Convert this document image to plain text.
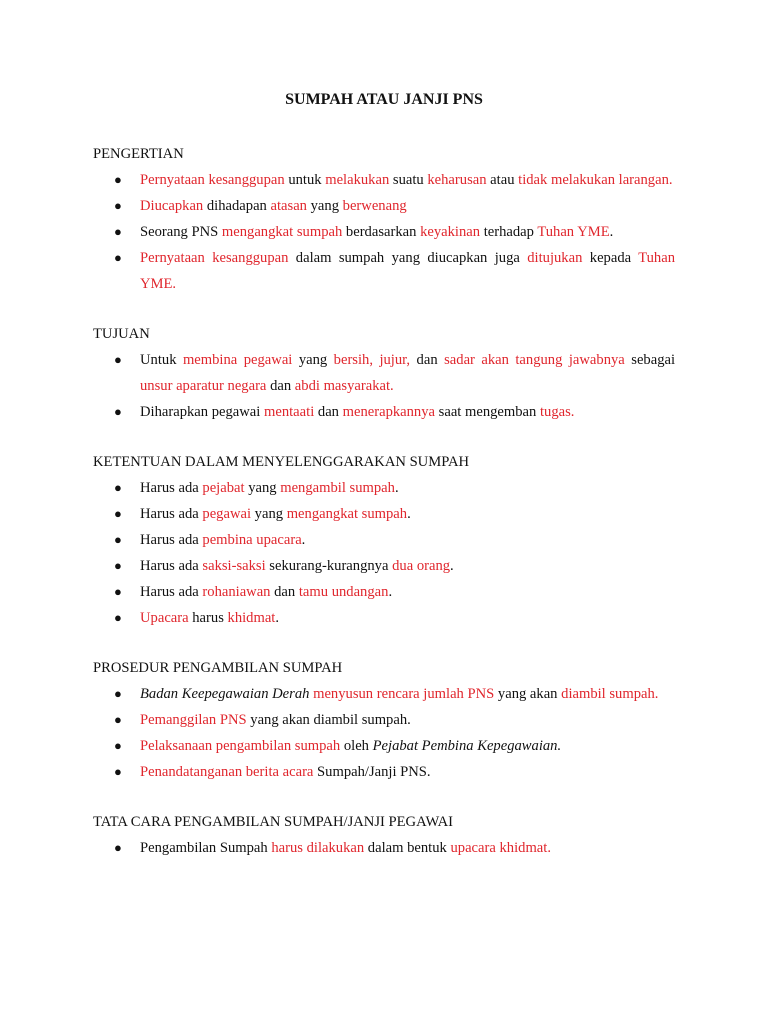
SUMPAH ATAU JANJI PNS

PENGERTIAN

● Pernyataan kesanggupan untuk melakukan suatu keharusan atau tidak melakukan larangan.
● Diucapkan dihadapan atasan yang berwenang
● Seorang PNS mengangkat sumpah berdasarkan keyakinan terhadap Tuhan YME.
● Pernyataan kesanggupan dalam sumpah yang diucapkan juga ditujukan kepada Tuhan YME.

TUJUAN

● Untuk membina pegawai yang bersih, jujur, dan sadar akan tangung jawabnya sebagai unsur aparatur negara dan abdi masyarakat.
● Diharapkan pegawai mentaati dan menerapkannya saat mengemban tugas.

KETENTUAN DALAM MENYELENGGARAKAN SUMPAH

● Harus ada pejabat yang mengambil sumpah.
● Harus ada pegawai yang mengangkat sumpah.
● Harus ada pembina upacara.
● Harus ada saksi-saksi sekurang-kurangnya dua orang.
● Harus ada rohaniawan dan tamu undangan.
● Upacara harus khidmat.

PROSEDUR PENGAMBILAN SUMPAH

● Badan Keepegawaian Derah menyusun rencara jumlah PNS yang akan diambil sumpah.
● Pemanggilan PNS yang akan diambil sumpah.
● Pelaksanaan pengambilan sumpah oleh Pejabat Pembina Kepegawaian.
● Penandatanganan berita acara Sumpah/Janji PNS.

TATA CARA PENGAMBILAN SUMPAH/JANJI PEGAWAI

● Pengambilan Sumpah harus dilakukan dalam bentuk upacara khidmat.
